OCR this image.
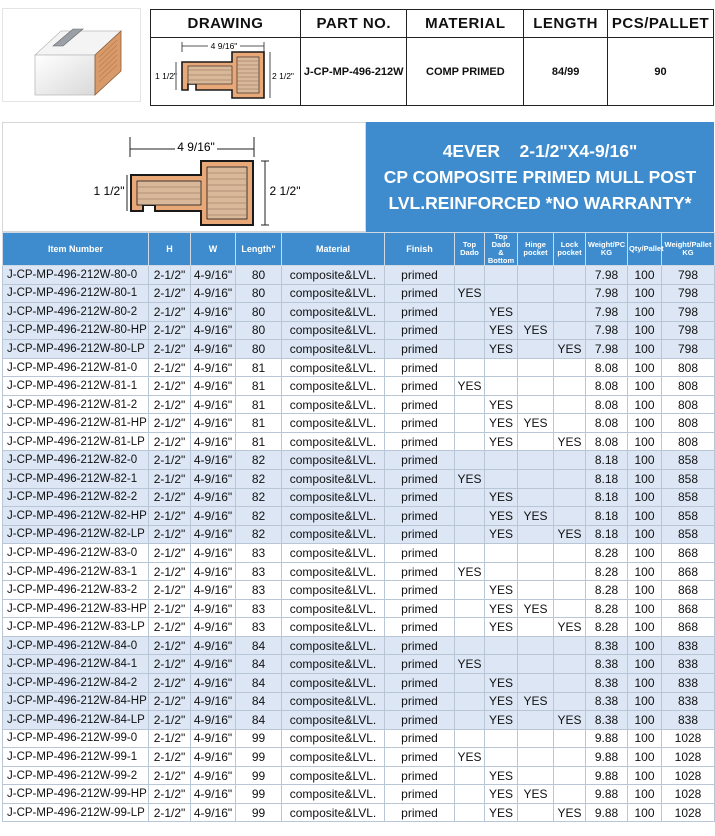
DRAWING	PART NO.	MATERIAL	LENGTH	PCS/PALLET

4 9/16"
1 1/2" 2 1/2"	J-CP-MP-496-212W	COMP PRIMED	84/99	90
4 9/16"
1 1/2"	2 1/2"
4EVER    2-1/2"X4-9/16"
CP COMPOSITE PRIMED MULL POST
LVL.REINFORCED *NO WARRANTY*
Item Number	H	W	Length"	Material	Finish	Top
Dado	Top Dado
& Bottom	Hinge
pocket	Lock
pocket	Weight/PC
KG	Qty/Pallet	Weight/Pallet
KG
J-CP-MP-496-212W-80-0	2-1/2"	4-9/16"	80	composite&LVL.	primed					7.98	100	798
J-CP-MP-496-212W-80-1	2-1/2"	4-9/16"	80	composite&LVL.	primed	YES				7.98	100	798
J-CP-MP-496-212W-80-2	2-1/2"	4-9/16"	80	composite&LVL.	primed		YES			7.98	100	798
J-CP-MP-496-212W-80-HP	2-1/2"	4-9/16"	80	composite&LVL.	primed		YES	YES		7.98	100	798
J-CP-MP-496-212W-80-LP	2-1/2"	4-9/16"	80	composite&LVL.	primed		YES		YES	7.98	100	798
J-CP-MP-496-212W-81-0	2-1/2"	4-9/16"	81	composite&LVL.	primed					8.08	100	808
J-CP-MP-496-212W-81-1	2-1/2"	4-9/16"	81	composite&LVL.	primed	YES				8.08	100	808
J-CP-MP-496-212W-81-2	2-1/2"	4-9/16"	81	composite&LVL.	primed		YES			8.08	100	808
J-CP-MP-496-212W-81-HP	2-1/2"	4-9/16"	81	composite&LVL.	primed		YES	YES		8.08	100	808
J-CP-MP-496-212W-81-LP	2-1/2"	4-9/16"	81	composite&LVL.	primed		YES		YES	8.08	100	808
J-CP-MP-496-212W-82-0	2-1/2"	4-9/16"	82	composite&LVL.	primed					8.18	100	858
J-CP-MP-496-212W-82-1	2-1/2"	4-9/16"	82	composite&LVL.	primed	YES				8.18	100	858
J-CP-MP-496-212W-82-2	2-1/2"	4-9/16"	82	composite&LVL.	primed		YES			8.18	100	858
J-CP-MP-496-212W-82-HP	2-1/2"	4-9/16"	82	composite&LVL.	primed		YES	YES		8.18	100	858
J-CP-MP-496-212W-82-LP	2-1/2"	4-9/16"	82	composite&LVL.	primed		YES		YES	8.18	100	858
J-CP-MP-496-212W-83-0	2-1/2"	4-9/16"	83	composite&LVL.	primed					8.28	100	868
J-CP-MP-496-212W-83-1	2-1/2"	4-9/16"	83	composite&LVL.	primed	YES				8.28	100	868
J-CP-MP-496-212W-83-2	2-1/2"	4-9/16"	83	composite&LVL.	primed		YES			8.28	100	868
J-CP-MP-496-212W-83-HP	2-1/2"	4-9/16"	83	composite&LVL.	primed		YES	YES		8.28	100	868
J-CP-MP-496-212W-83-LP	2-1/2"	4-9/16"	83	composite&LVL.	primed		YES		YES	8.28	100	868
J-CP-MP-496-212W-84-0	2-1/2"	4-9/16"	84	composite&LVL.	primed					8.38	100	838
J-CP-MP-496-212W-84-1	2-1/2"	4-9/16"	84	composite&LVL.	primed	YES				8.38	100	838
J-CP-MP-496-212W-84-2	2-1/2"	4-9/16"	84	composite&LVL.	primed		YES			8.38	100	838
J-CP-MP-496-212W-84-HP	2-1/2"	4-9/16"	84	composite&LVL.	primed		YES	YES		8.38	100	838
J-CP-MP-496-212W-84-LP	2-1/2"	4-9/16"	84	composite&LVL.	primed		YES		YES	8.38	100	838
J-CP-MP-496-212W-99-0	2-1/2"	4-9/16"	99	composite&LVL.	primed					9.88	100	1028
J-CP-MP-496-212W-99-1	2-1/2"	4-9/16"	99	composite&LVL.	primed	YES				9.88	100	1028
J-CP-MP-496-212W-99-2	2-1/2"	4-9/16"	99	composite&LVL.	primed		YES			9.88	100	1028
J-CP-MP-496-212W-99-HP	2-1/2"	4-9/16"	99	composite&LVL.	primed		YES	YES		9.88	100	1028
J-CP-MP-496-212W-99-LP	2-1/2"	4-9/16"	99	composite&LVL.	primed		YES		YES	9.88	100	1028
